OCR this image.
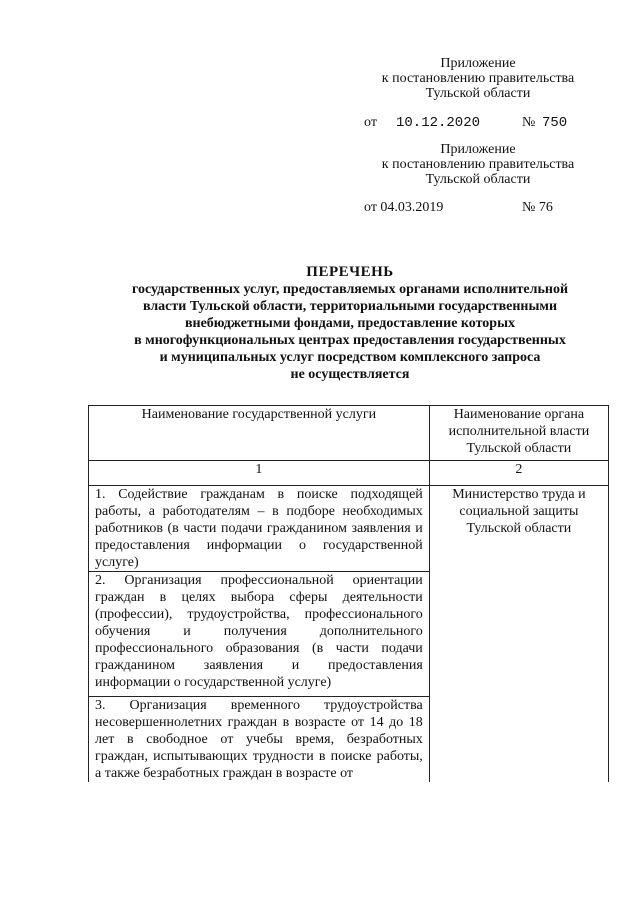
Приложение
к постановлению правительства
Тульской области
от 10.12.2020	№ 750
Приложение
к постановлению правительства
Тульской области
от 04.03.2019	№ 76
ПЕРЕЧЕНЬ
государственных услуг, предоставляемых органами исполнительной
власти Тульской области, территориальными государственными
внебюджетными фондами, предоставление которых
в многофункциональных центрах предоставления государственных
и муниципальных услуг посредством комплексного запроса
не осуществляется
Наименование государственной услуги	Наименование органа исполнительной власти Тульской области
1	2
1. Содействие гражданам в поиске подходящей работы, а работодателям – в подборе необходимых работников (в части подачи гражданином заявления и предоставления информации о государственной услуге)	Министерство труда и социальной защиты Тульской области
2. Организация профессиональной ориентации граждан в целях выбора сферы деятельности (профессии), трудоустройства, профессионального обучения и получения дополнительного профессионального образования (в части подачи гражданином заявления и предоставления информации о государственной услуге)	
3. Организация временного трудоустройства несовершеннолетних граждан в возрасте от 14 до 18 лет в свободное от учебы время, безработных граждан, испытывающих трудности в поиске работы, а также безработных граждан в возрасте от	
